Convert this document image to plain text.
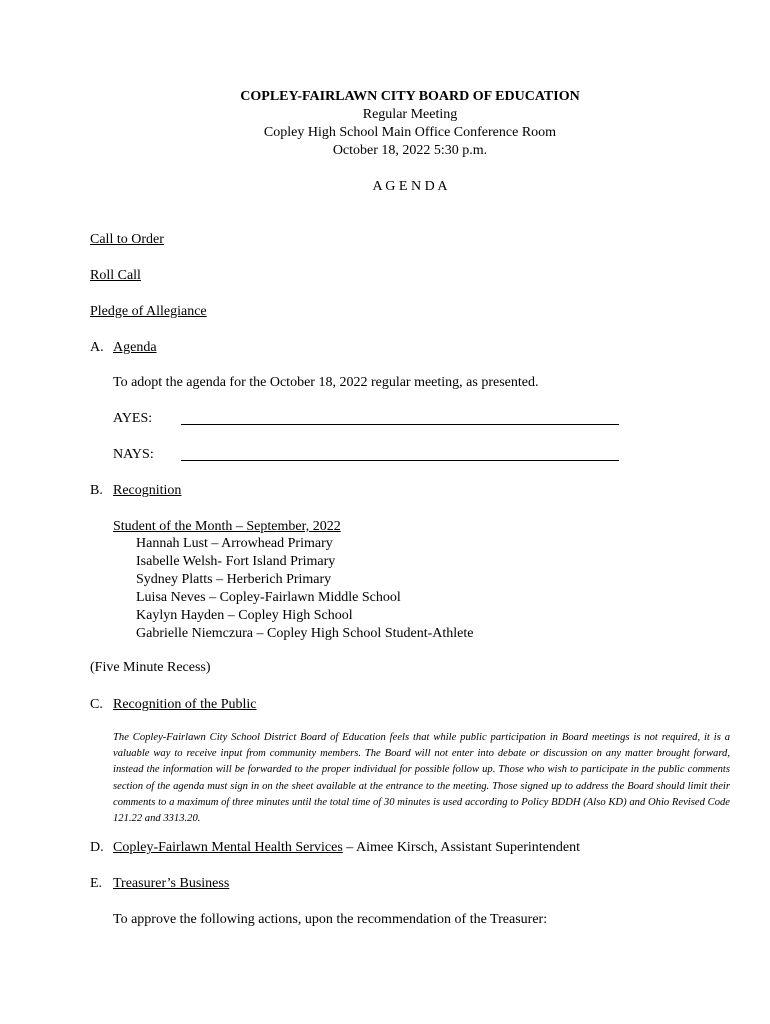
COPLEY-FAIRLAWN CITY BOARD OF EDUCATION
Regular Meeting
Copley High School Main Office Conference Room
October 18, 2022 5:30 p.m.
A G E N D A
Call to Order
Roll Call
Pledge of Allegiance
A. Agenda
To adopt the agenda for the October 18, 2022 regular meeting, as presented.
AYES:
NAYS:
B. Recognition
Student of the Month – September, 2022
Hannah Lust – Arrowhead Primary
Isabelle Welsh- Fort Island Primary
Sydney Platts – Herberich Primary
Luisa Neves – Copley-Fairlawn Middle School
Kaylyn Hayden – Copley High School
Gabrielle Niemczura – Copley High School Student-Athlete
(Five Minute Recess)
C. Recognition of the Public
The Copley-Fairlawn City School District Board of Education feels that while public participation in Board meetings is not required, it is a valuable way to receive input from community members. The Board will not enter into debate or discussion on any matter brought forward, instead the information will be forwarded to the proper individual for possible follow up. Those who wish to participate in the public comments section of the agenda must sign in on the sheet available at the entrance to the meeting. Those signed up to address the Board should limit their comments to a maximum of three minutes until the total time of 30 minutes is used according to Policy BDDH (Also KD) and Ohio Revised Code 121.22 and 3313.20.
D. Copley-Fairlawn Mental Health Services – Aimee Kirsch, Assistant Superintendent
E. Treasurer’s Business
To approve the following actions, upon the recommendation of the Treasurer:
